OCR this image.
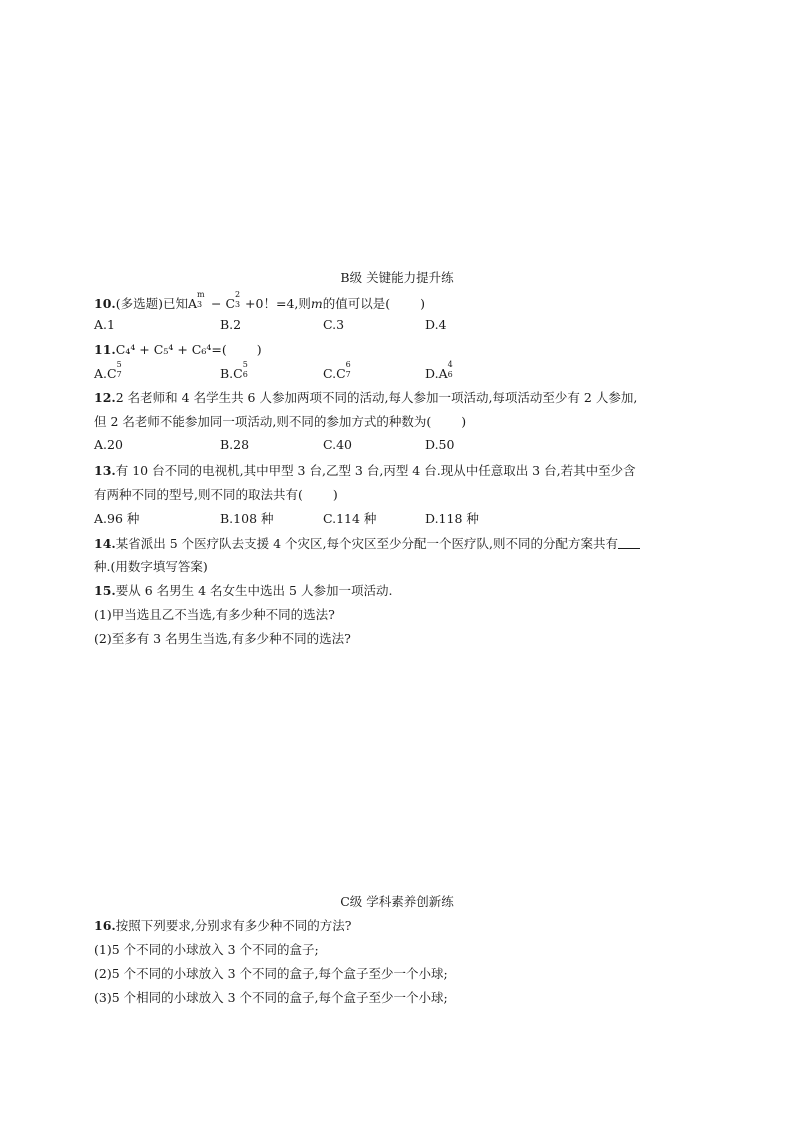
B级 关键能力提升练
10.(多选题)已知A
m
3 − C
2
3 +0！=4,则m的值可以是( )
A.1	B.2	C.3	D.4
11.C₄⁴ + C₅⁴ + C₆⁴=( )
A.C
5
7	B.C
5
6	C.C
6
7	D.A
4
6
12.2 名老师和 4 名学生共 6 人参加两项不同的活动,每人参加一项活动,每项活动至少有 2 人参加,
但 2 名老师不能参加同一项活动,则不同的参加方式的种数为( )
A.20	B.28	C.40	D.50
13.有 10 台不同的电视机,其中甲型 3 台,乙型 3 台,丙型 4 台.现从中任意取出 3 台,若其中至少含
有两种不同的型号,则不同的取法共有( )
A.96 种	B.108 种	C.114 种	D.118 种
14.某省派出 5 个医疗队去支援 4 个灾区,每个灾区至少分配一个医疗队,则不同的分配方案共有
种.(用数字填写答案)
15.要从 6 名男生 4 名女生中选出 5 人参加一项活动.
(1)甲当选且乙不当选,有多少种不同的选法?
(2)至多有 3 名男生当选,有多少种不同的选法?
C级 学科素养创新练
16.按照下列要求,分别求有多少种不同的方法?
(1)5 个不同的小球放入 3 个不同的盒子;
(2)5 个不同的小球放入 3 个不同的盒子,每个盒子至少一个小球;
(3)5 个相同的小球放入 3 个不同的盒子,每个盒子至少一个小球;
